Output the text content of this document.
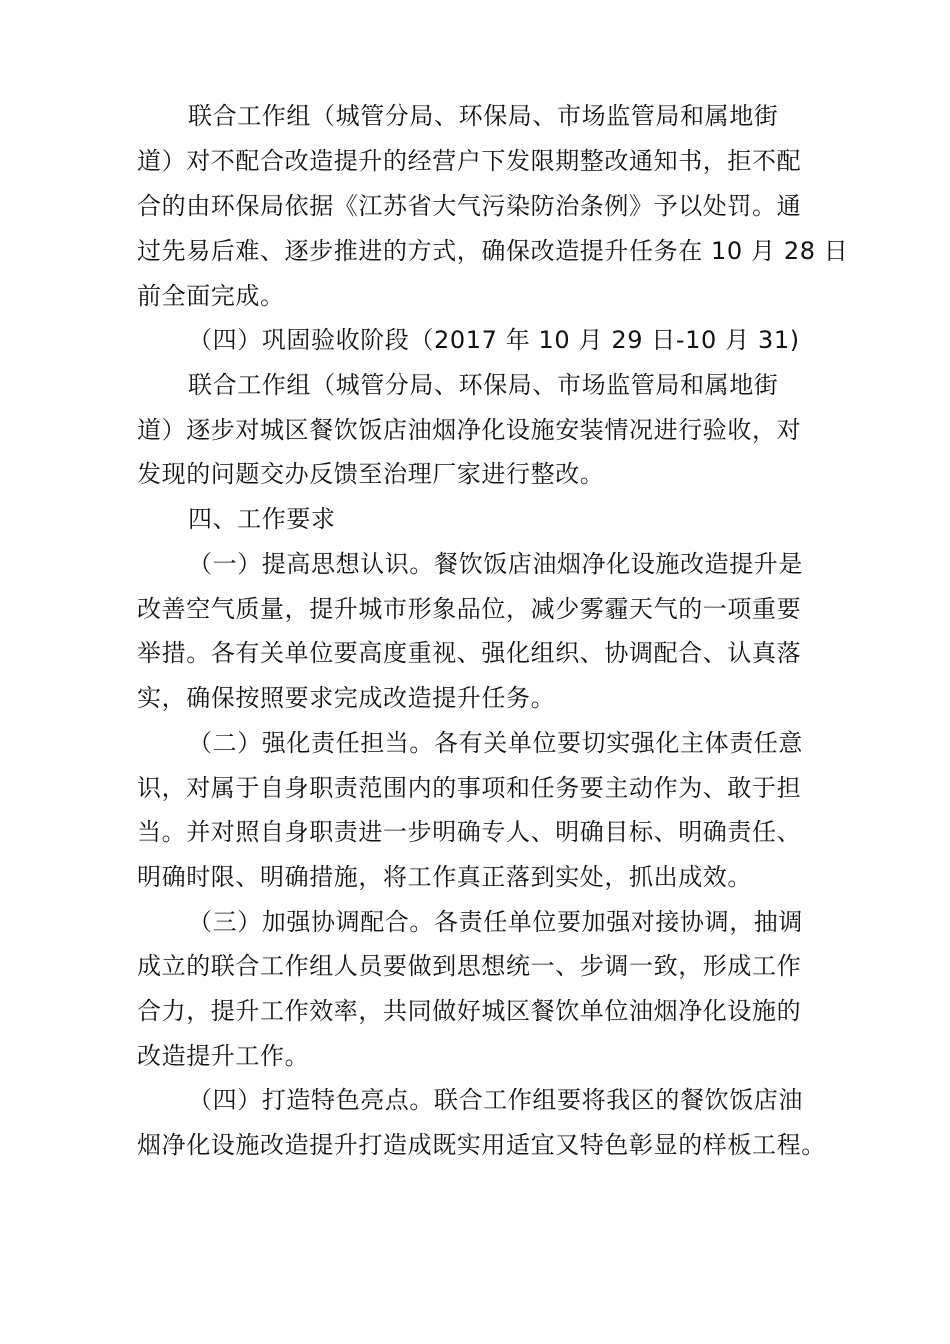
联合工作组（城管分局、环保局、市场监管局和属地街
道）对不配合改造提升的经营户下发限期整改通知书，拒不配
合的由环保局依据《江苏省大气污染防治条例》予以处罚。通
过先易后难、逐步推进的方式，确保改造提升任务在 10 月 28 日
前全面完成。
（四）巩固验收阶段（2017 年 10 月 29 日-10 月 31)
联合工作组（城管分局、环保局、市场监管局和属地街
道）逐步对城区餐饮饭店油烟净化设施安装情况进行验收，对
发现的问题交办反馈至治理厂家进行整改。
四、工作要求
（一）提高思想认识。餐饮饭店油烟净化设施改造提升是
改善空气质量，提升城市形象品位，减少雾霾天气的一项重要
举措。各有关单位要高度重视、强化组织、协调配合、认真落
实，确保按照要求完成改造提升任务。
（二）强化责任担当。各有关单位要切实强化主体责任意
识，对属于自身职责范围内的事项和任务要主动作为、敢于担
当。并对照自身职责进一步明确专人、明确目标、明确责任、
明确时限、明确措施，将工作真正落到实处，抓出成效。
（三）加强协调配合。各责任单位要加强对接协调，抽调
成立的联合工作组人员要做到思想统一、步调一致，形成工作
合力，提升工作效率，共同做好城区餐饮单位油烟净化设施的
改造提升工作。
（四）打造特色亮点。联合工作组要将我区的餐饮饭店油
烟净化设施改造提升打造成既实用适宜又特色彰显的样板工程。
